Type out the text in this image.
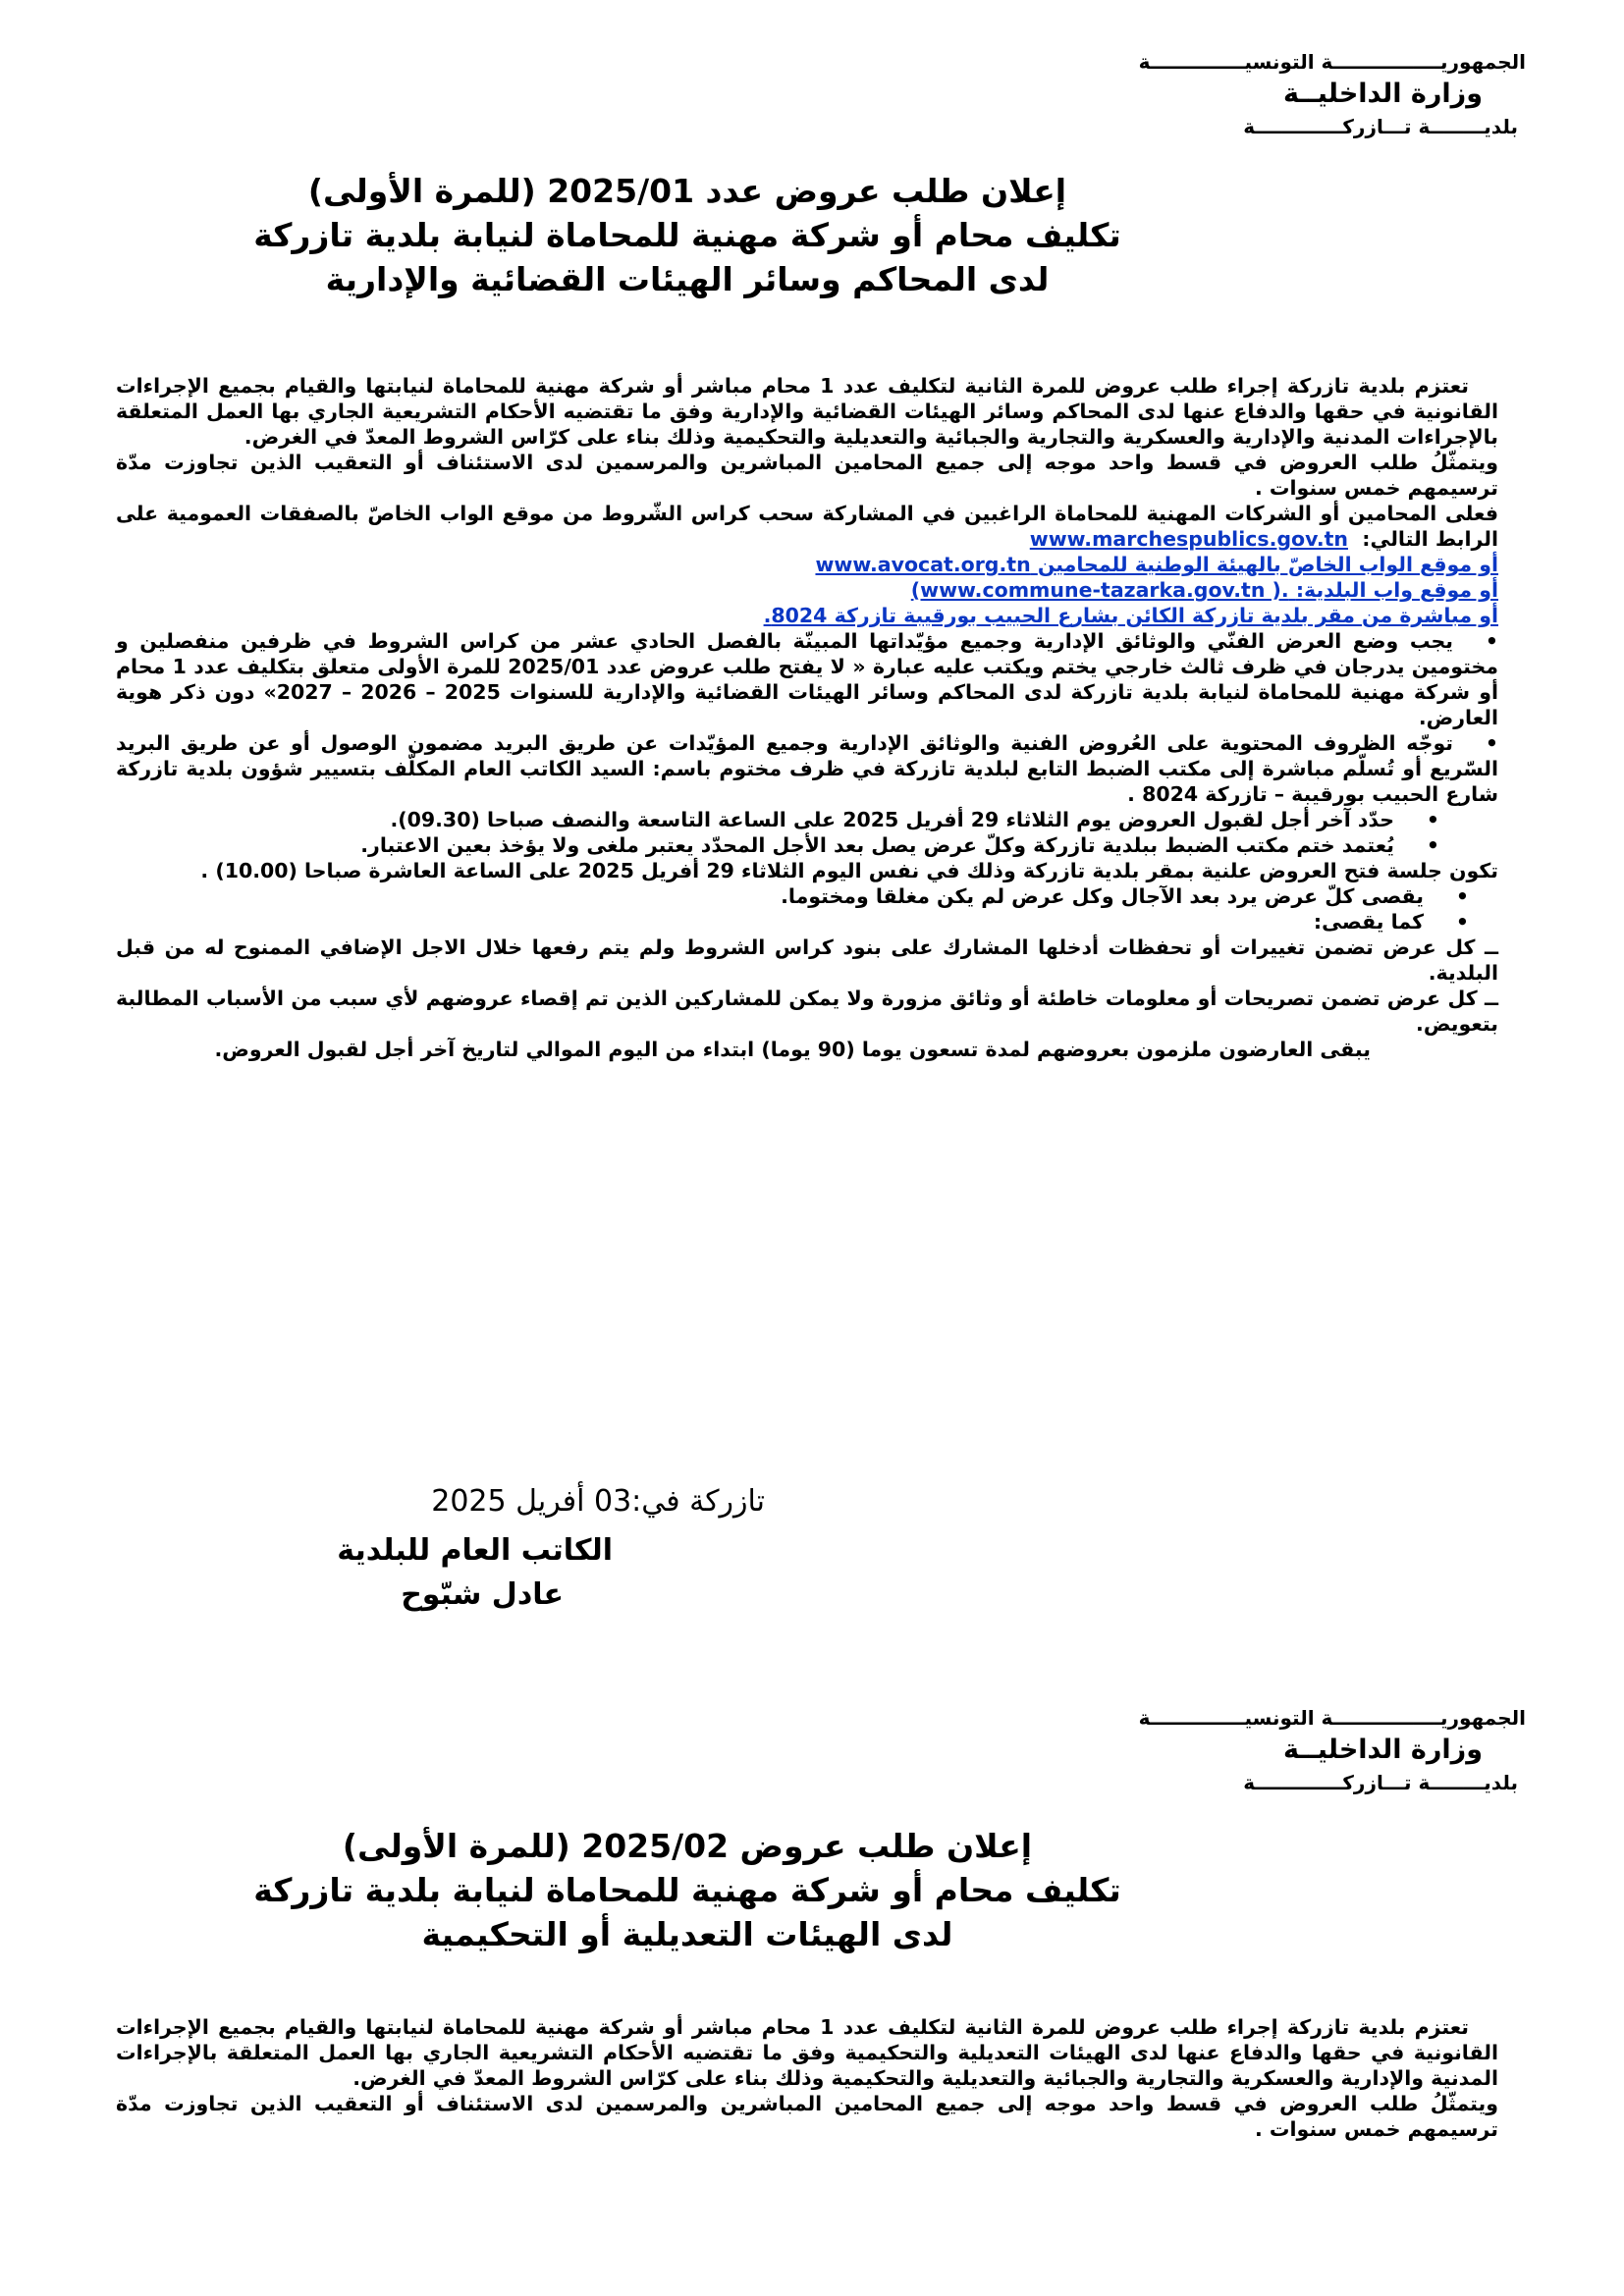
الجمهوريــــــــــــــــة التونسيــــــــــــــة
وزارة الداخليــة
بلديــــــــة تـــازركـــــــــــــة
إعلان طلب عروض عدد 2025/01 (للمرة الأولى)
تكليف محام أو شركة مهنية للمحاماة لنيابة بلدية تازركة
لدى المحاكم وسائر الهيئات القضائية والإدارية

تعتزم بلدية تازركة إجراء طلب عروض للمرة الثانية لتكليف عدد 1 محام مباشر أو شركة مهنية للمحاماة لنيابتها والقيام بجميع الإجراءات القانونية في حقها والدفاع عنها لدى المحاكم وسائر الهيئات القضائية والإدارية وفق ما تقتضيه الأحكام التشريعية الجاري بها العمل المتعلقة بالإجراءات المدنية والإدارية والعسكرية والتجارية والجبائية والتعديلية والتحكيمية وذلك بناء على كرّاس الشروط المعدّ في الغرض.

ويتمثّلُ طلب العروض في قسط واحد موجه إلى جميع المحامين المباشرين والمرسمين لدى الاستئناف أو التعقيب الذين تجاوزت مدّة ترسيمهم خمس سنوات .

فعلى المحامين أو الشركات المهنية للمحاماة الراغبين في المشاركة سحب كراس الشّروط من موقع الواب الخاصّ بالصفقات العمومية على الرابط التالي:  www.marchespublics.gov.tn

أو موقع الواب الخاصّ بالهيئة الوطنية للمحامين www.avocat.org.tn

أو موقع واب البلدية: (www.commune-tazarka.gov.tn ).

أو مباشرة من مقر بلدية تازركة الكائن بشارع الحبيب بورقيبة تازركة 8024.

• يجب وضع العرض الفنّي والوثائق الإدارية وجميع مؤيّداتها المبينّة بالفصل الحادي عشر من كراس الشروط في ظرفين منفصلين و مختومين يدرجان في ظرف ثالث خارجي يختم ويكتب عليه عبارة « لا يفتح طلب عروض عدد 2025/01 للمرة الأولى متعلق بتكليف عدد 1 محام أو شركة مهنية للمحاماة لنيابة بلدية تازركة لدى المحاكم وسائر الهيئات القضائية والإدارية للسنوات 2025 – 2026 – 2027» دون ذكر هوية العارض.

• توجّه الظروف المحتوية على العُروض الفنية والوثائق الإدارية وجميع المؤيّدات عن طريق البريد مضمون الوصول أو عن طريق البريد السّريع أو تُسلّم مباشرة إلى مكتب الضبط التابع لبلدية تازركة في ظرف مختوم باسم: السيد الكاتب العام المكلّف بتسيير شؤون بلدية تازركة شارع الحبيب بورقيبة – تازركة 8024 .

• حدّد آخر أجل لقبول العروض يوم الثلاثاء 29 أفريل 2025 على الساعة التاسعة والنصف صباحا (09.30).

• يُعتمد ختم مكتب الضبط ببلدية تازركة وكلّ عرض يصل بعد الأجل المحدّد يعتبر ملغى ولا يؤخذ بعين الاعتبار.

تكون جلسة فتح العروض علنية بمقر بلدية تازركة وذلك في نفس اليوم الثلاثاء 29 أفريل 2025 على الساعة العاشرة صباحا (10.00) .

• يقصى كلّ عرض يرد بعد الآجال وكل عرض لم يكن مغلقا ومختوما.

• كما يقصى:

ــ كل عرض تضمن تغييرات أو تحفظات أدخلها المشارك على بنود كراس الشروط ولم يتم رفعها خلال الاجل الإضافي الممنوح له من قبل البلدية.

ــ كل عرض تضمن تصريحات أو معلومات خاطئة أو وثائق مزورة ولا يمكن للمشاركين الذين تم إقصاء عروضهم لأي سبب من الأسباب المطالبة بتعويض.

يبقى العارضون ملزمون بعروضهم لمدة تسعون يوما (90 يوما) ابتداء من اليوم الموالي لتاريخ آخر أجل لقبول العروض.

تازركة في:03 أفريل 2025
الكاتب العام للبلدية
عادل شبّوح
الجمهوريــــــــــــــــة التونسيــــــــــــــة
وزارة الداخليــة
بلديــــــــة تـــازركـــــــــــــة
إعلان طلب عروض 2025/02 (للمرة الأولى)
تكليف محام أو شركة مهنية للمحاماة لنيابة بلدية تازركة
لدى الهيئات التعديلية أو التحكيمية

تعتزم بلدية تازركة إجراء طلب عروض للمرة الثانية لتكليف عدد 1 محام مباشر أو شركة مهنية للمحاماة لنيابتها والقيام بجميع الإجراءات القانونية في حقها والدفاع عنها لدى الهيئات التعديلية والتحكيمية وفق ما تقتضيه الأحكام التشريعية الجاري بها العمل المتعلقة بالإجراءات المدنية والإدارية والعسكرية والتجارية والجبائية والتعديلية والتحكيمية وذلك بناء على كرّاس الشروط المعدّ في الغرض.

ويتمثّلُ طلب العروض في قسط واحد موجه إلى جميع المحامين المباشرين والمرسمين لدى الاستئناف أو التعقيب الذين تجاوزت مدّة ترسيمهم خمس سنوات .
